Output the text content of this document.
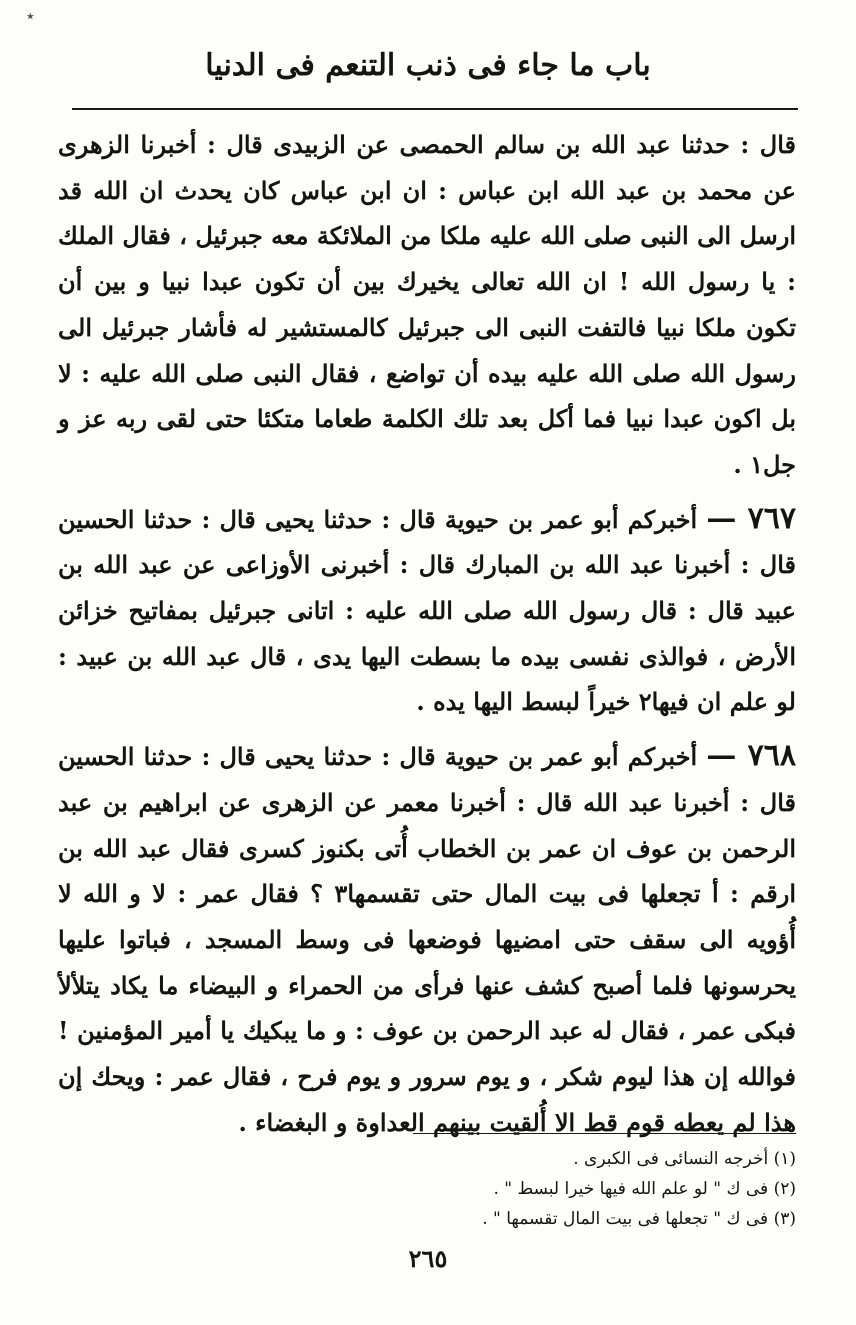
٭
باب ما جاء فى ذنب التنعم فى الدنيا

قال : حدثنا عبد الله بن سالم الحمصى عن الزبيدى قال : أخبرنا الزهرى عن محمد بن عبد الله ابن عباس : ان ابن عباس كان يحدث ان الله قد ارسل الى النبى صلى الله عليه ملكا من الملائكة معه جبرئيل ، فقال الملك : يا رسول الله ! ان الله تعالى يخيرك بين أن تكون عبدا نبيا و بين أن تكون ملكا نبيا فالتفت النبى الى جبرئيل كالمستشير له فأشار جبرئيل الى رسول الله صلى الله عليه بيده أن تواضع ، فقال النبى صلى الله عليه : لا بل اكون عبدا نبيا فما أكل بعد تلك الكلمة طعاما متكئا حتى لقى ربه عز و جل١ .

٧٦٧ — أخبركم أبو عمر بن حيوية قال : حدثنا يحيى قال : حدثنا الحسين قال : أخبرنا عبد الله بن المبارك قال : أخبرنى الأوزاعى عن عبد الله بن عبيد قال : قال رسول الله صلى الله عليه : اتانى جبرئيل بمفاتيح خزائن الأرض ، فوالذى نفسى بيده ما بسطت اليها يدى ، قال عبد الله بن عبيد : لو علم ان فيها٢ خيراً لبسط اليها يده .

٧٦٨ — أخبركم أبو عمر بن حيوية قال : حدثنا يحيى قال : حدثنا الحسين قال : أخبرنا عبد الله قال : أخبرنا معمر عن الزهرى عن ابراهيم بن عبد الرحمن بن عوف ان عمر بن الخطاب أُتى بكنوز كسرى فقال عبد الله بن ارقم : أ تجعلها فى بيت المال حتى تقسمها٣ ؟ فقال عمر : لا و الله لا أُؤويه الى سقف حتى امضيها فوضعها فى وسط المسجد ، فباتوا عليها يحرسونها فلما أصبح كشف عنها فرأى من الحمراء و البيضاء ما يكاد يتلألأ فبكى عمر ، فقال له عبد الرحمن بن عوف : و ما يبكيك يا أمير المؤمنين ! فوالله إن هذا ليوم شكر ، و يوم سرور و يوم فرح ، فقال عمر : ويحك إن هذا لم يعطه قوم قط الا أُلقيت بينهم العداوة و البغضاء .

(١) أخرجه النسائى فى الكبرى .
(٢) فى ك " لو علم الله فيها خيرا لبسط " .
(٣) فى ك " تجعلها فى بيت المال تقسمها " .
٢٦٥
